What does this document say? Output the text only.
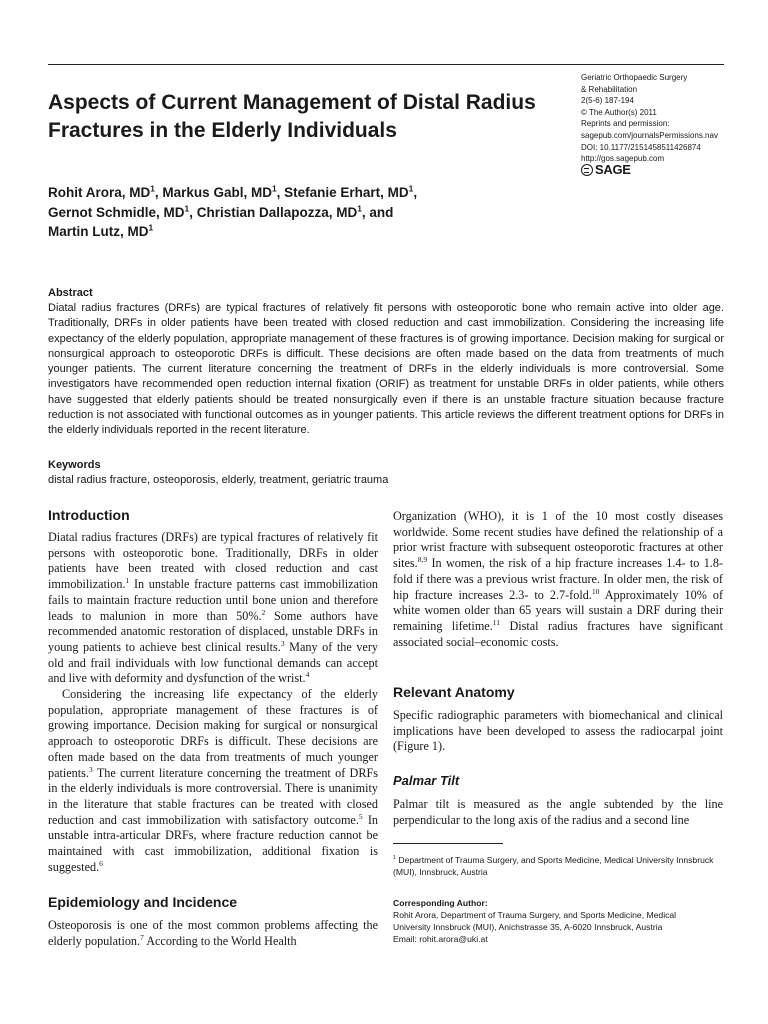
Aspects of Current Management of Distal Radius Fractures in the Elderly Individuals
Geriatric Orthopaedic Surgery
& Rehabilitation
2(5-6) 187-194
© The Author(s) 2011
Reprints and permission:
sagepub.com/journalsPermissions.nav
DOI: 10.1177/2151458511426874
http://gos.sagepub.com
SAGE
Rohit Arora, $MD^1$, Markus Gabl, $MD^1$, Stefanie Erhart, $MD^1$,
Gernot Schmidle, $MD^1$, Christian Dallapozza, $MD^1$, and
Martin Lutz, $MD^1$
Abstract
Diatal radius fractures (DRFs) are typical fractures of relatively fit persons with osteoporotic bone who remain active into older age. Traditionally, DRFs in older patients have been treated with closed reduction and cast immobilization. Considering the increasing life expectancy of the elderly population, appropriate management of these fractures is of growing importance. Decision making for surgical or nonsurgical approach to osteoporotic DRFs is difficult. These decisions are often made based on the data from treatments of much younger patients. The current literature concerning the treatment of DRFs in the elderly individuals is more controversial. Some investigators have recommended open reduction internal fixation (ORIF) as treatment for unstable DRFs in older patients, while others have suggested that elderly patients should be treated nonsurgically even if there is an unstable fracture situation because fracture reduction is not associated with functional outcomes as in younger patients. This article reviews the different treatment options for DRFs in the elderly individuals reported in the recent literature.
Keywords
distal radius fracture, osteoporosis, elderly, treatment, geriatric trauma
Introduction

Diatal radius fractures (DRFs) are typical fractures of relatively fit persons with osteoporotic bone. Traditionally, DRFs in older patients have been treated with closed reduction and cast immobilization.$^1$ In unstable fracture patterns cast immobilization fails to maintain fracture reduction until bone union and therefore leads to malunion in more than 50%.$^2$ Some authors have recommended anatomic restoration of displaced, unstable DRFs in young patients to achieve best clinical results.$^3$ Many of the very old and frail individuals with low functional demands can accept and live with deformity and dysfunction of the wrist.$^4$

Considering the increasing life expectancy of the elderly population, appropriate management of these fractures is of growing importance. Decision making for surgical or nonsurgical approach to osteoporotic DRFs is difficult. These decisions are often made based on the data from treatments of much younger patients.$^3$ The current literature concerning the treatment of DRFs in the elderly individuals is more controversial. There is unanimity in the literature that stable fractures can be treated with closed reduction and cast immobilization with satisfactory outcome.$^5$ In unstable intra-articular DRFs, where fracture reduction cannot be maintained with cast immobilization, additional fixation is suggested.$^6$

Epidemiology and Incidence

Osteoporosis is one of the most common problems affecting the elderly population.$^7$ According to the World Health

Organization (WHO), it is 1 of the 10 most costly diseases worldwide. Some recent studies have defined the relationship of a prior wrist fracture with subsequent osteoporotic fractures at other sites.$^{8,9}$ In women, the risk of a hip fracture increases 1.4- to 1.8-fold if there was a previous wrist fracture. In older men, the risk of hip fracture increases 2.3- to 2.7-fold.$^{10}$ Approximately 10% of white women older than 65 years will sustain a DRF during their remaining lifetime.$^{11}$ Distal radius fractures have significant associated social–economic costs.

Relevant Anatomy

Specific radiographic parameters with biomechanical and clinical implications have been developed to assess the radiocarpal joint (Figure 1).

Palmar Tilt

Palmar tilt is measured as the angle subtended by the line perpendicular to the long axis of the radius and a second line

$^1$ Department of Trauma Surgery, and Sports Medicine, Medical University Innsbruck (MUI), Innsbruck, Austria
Corresponding Author:
Rohit Arora, Department of Trauma Surgery, and Sports Medicine, Medical
University Innsbruck (MUI), Anichstrasse 35, A-6020 Innsbruck, Austria
Email: rohit.arora@uki.at
